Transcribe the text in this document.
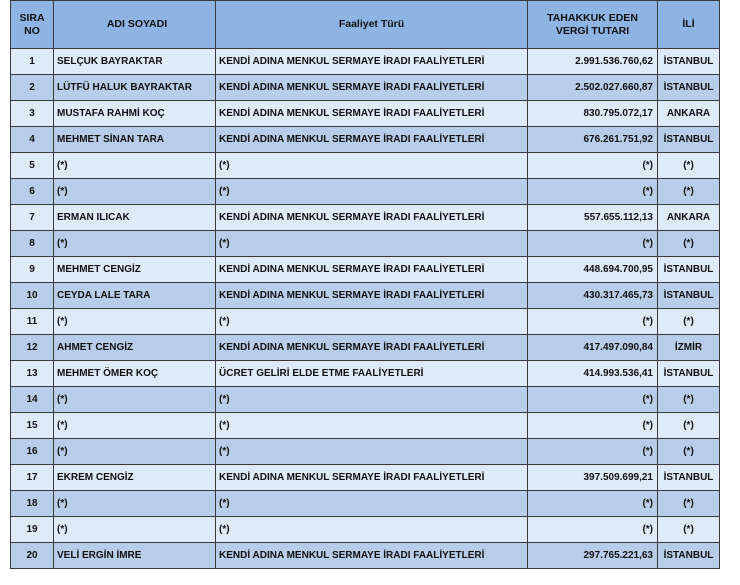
SIRA
NO	ADI SOYADI	Faaliyet Türü	TAHAKKUK EDEN
VERGİ TUTARI	İLİ
1	SELÇUK BAYRAKTAR	KENDİ ADINA MENKUL SERMAYE İRADI FAALİYETLERİ	2.991.536.760,62	İSTANBUL
2	LÜTFÜ HALUK BAYRAKTAR	KENDİ ADINA MENKUL SERMAYE İRADI FAALİYETLERİ	2.502.027.660,87	İSTANBUL
3	MUSTAFA RAHMİ KOÇ	KENDİ ADINA MENKUL SERMAYE İRADI FAALİYETLERİ	830.795.072,17	ANKARA
4	MEHMET SİNAN TARA	KENDİ ADINA MENKUL SERMAYE İRADI FAALİYETLERİ	676.261.751,92	İSTANBUL
5	(*)	(*)	(*)	(*)
6	(*)	(*)	(*)	(*)
7	ERMAN ILICAK	KENDİ ADINA MENKUL SERMAYE İRADI FAALİYETLERİ	557.655.112,13	ANKARA
8	(*)	(*)	(*)	(*)
9	MEHMET CENGİZ	KENDİ ADINA MENKUL SERMAYE İRADI FAALİYETLERİ	448.694.700,95	İSTANBUL
10	CEYDA LALE TARA	KENDİ ADINA MENKUL SERMAYE İRADI FAALİYETLERİ	430.317.465,73	İSTANBUL
11	(*)	(*)	(*)	(*)
12	AHMET CENGİZ	KENDİ ADINA MENKUL SERMAYE İRADI FAALİYETLERİ	417.497.090,84	İZMİR
13	MEHMET ÖMER KOÇ	ÜCRET GELİRİ ELDE ETME FAALİYETLERİ	414.993.536,41	İSTANBUL
14	(*)	(*)	(*)	(*)
15	(*)	(*)	(*)	(*)
16	(*)	(*)	(*)	(*)
17	EKREM CENGİZ	KENDİ ADINA MENKUL SERMAYE İRADI FAALİYETLERİ	397.509.699,21	İSTANBUL
18	(*)	(*)	(*)	(*)
19	(*)	(*)	(*)	(*)
20	VELİ ERGİN İMRE	KENDİ ADINA MENKUL SERMAYE İRADI FAALİYETLERİ	297.765.221,63	İSTANBUL
